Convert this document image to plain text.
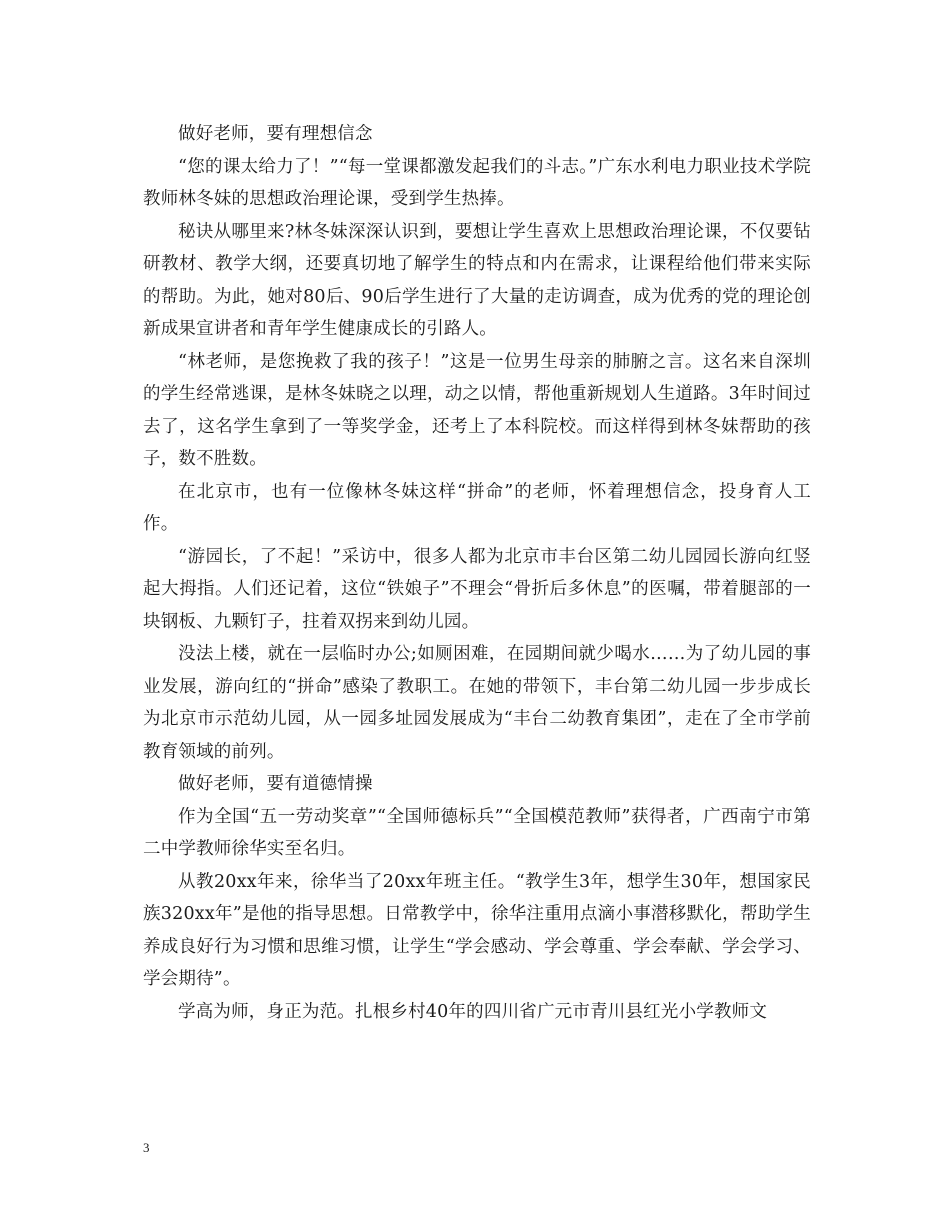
做好老师，要有理想信念

“您的课太给力了！”“每一堂课都激发起我们的斗志。”广东水利电力职业技术学院教师林冬妹的思想政治理论课，受到学生热捧。

秘诀从哪里来?林冬妹深深认识到，要想让学生喜欢上思想政治理论课，不仅要钻研教材、教学大纲，还要真切地了解学生的特点和内在需求，让课程给他们带来实际的帮助。为此，她对80后、90后学生进行了大量的走访调查，成为优秀的党的理论创新成果宣讲者和青年学生健康成长的引路人。

“林老师，是您挽救了我的孩子！”这是一位男生母亲的肺腑之言。这名来自深圳的学生经常逃课，是林冬妹晓之以理，动之以情，帮他重新规划人生道路。3年时间过去了，这名学生拿到了一等奖学金，还考上了本科院校。而这样得到林冬妹帮助的孩子，数不胜数。

在北京市，也有一位像林冬妹这样“拼命”的老师，怀着理想信念，投身育人工作。

“游园长，了不起！”采访中，很多人都为北京市丰台区第二幼儿园园长游向红竖起大拇指。人们还记着，这位“铁娘子”不理会“骨折后多休息”的医嘱，带着腿部的一块钢板、九颗钉子，拄着双拐来到幼儿园。

没法上楼，就在一层临时办公;如厕困难，在园期间就少喝水……为了幼儿园的事业发展，游向红的“拼命”感染了教职工。在她的带领下，丰台第二幼儿园一步步成长为北京市示范幼儿园，从一园多址园发展成为“丰台二幼教育集团”，走在了全市学前教育领域的前列。

做好老师，要有道德情操

作为全国“五一劳动奖章”“全国师德标兵”“全国模范教师”获得者，广西南宁市第二中学教师徐华实至名归。

从教20xx年来，徐华当了20xx年班主任。“教学生3年，想学生30年，想国家民族320xx年”是他的指导思想。日常教学中，徐华注重用点滴小事潜移默化，帮助学生养成良好行为习惯和思维习惯，让学生“学会感动、学会尊重、学会奉献、学会学习、学会期待”。

学高为师，身正为范。扎根乡村40年的四川省广元市青川县红光小学教师文

3
